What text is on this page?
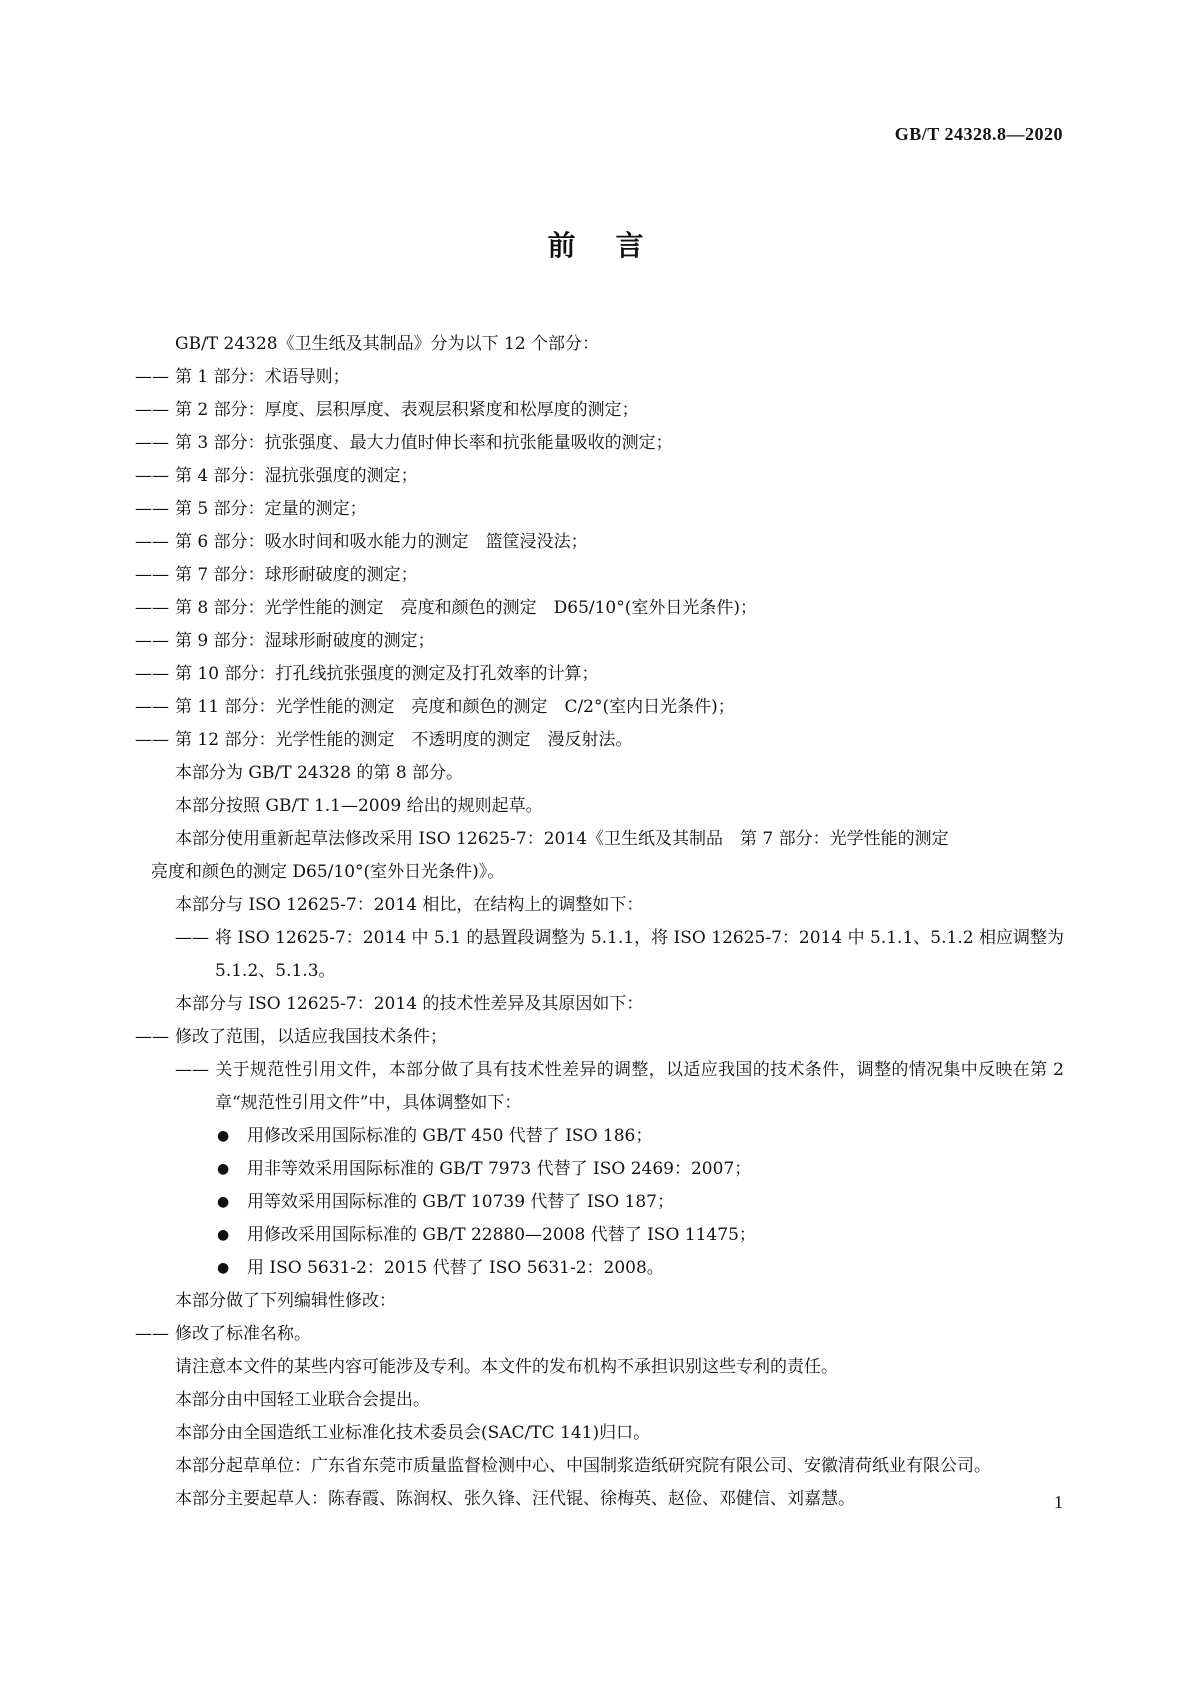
GB/T 24328.8—2020
前言
GB/T 24328《卫生纸及其制品》分为以下 12 个部分：
—— 第 1 部分：术语导则；
—— 第 2 部分：厚度、层积厚度、表观层积紧度和松厚度的测定；
—— 第 3 部分：抗张强度、最大力值时伸长率和抗张能量吸收的测定；
—— 第 4 部分：湿抗张强度的测定；
—— 第 5 部分：定量的测定；
—— 第 6 部分：吸水时间和吸水能力的测定　篮筐浸没法；
—— 第 7 部分：球形耐破度的测定；
—— 第 8 部分：光学性能的测定　亮度和颜色的测定　D65/10°(室外日光条件)；
—— 第 9 部分：湿球形耐破度的测定；
—— 第 10 部分：打孔线抗张强度的测定及打孔效率的计算；
—— 第 11 部分：光学性能的测定　亮度和颜色的测定　C/2°(室内日光条件)；
—— 第 12 部分：光学性能的测定　不透明度的测定　漫反射法。
本部分为 GB/T 24328 的第 8 部分。
本部分按照 GB/T 1.1—2009 给出的规则起草。
本部分使用重新起草法修改采用 ISO 12625-7：2014《卫生纸及其制品　第 7 部分：光学性能的测定
亮度和颜色的测定 D65/10°(室外日光条件)》。
本部分与 ISO 12625-7：2014 相比，在结构上的调整如下：
—— 将 ISO 12625-7：2014 中 5.1 的悬置段调整为 5.1.1，将 ISO 12625-7：2014 中 5.1.1、5.1.2 相应调整为 5.1.2、5.1.3。
本部分与 ISO 12625-7：2014 的技术性差异及其原因如下：
—— 修改了范围，以适应我国技术条件；
—— 关于规范性引用文件，本部分做了具有技术性差异的调整，以适应我国的技术条件，调整的情况集中反映在第 2 章“规范性引用文件”中，具体调整如下：
● 用修改采用国际标准的 GB/T 450 代替了 ISO 186；
● 用非等效采用国际标准的 GB/T 7973 代替了 ISO 2469：2007；
● 用等效采用国际标准的 GB/T 10739 代替了 ISO 187；
● 用修改采用国际标准的 GB/T 22880—2008 代替了 ISO 11475；
● 用 ISO 5631-2：2015 代替了 ISO 5631-2：2008。
本部分做了下列编辑性修改：
—— 修改了标准名称。
请注意本文件的某些内容可能涉及专利。本文件的发布机构不承担识别这些专利的责任。
本部分由中国轻工业联合会提出。
本部分由全国造纸工业标准化技术委员会(SAC/TC 141)归口。
本部分起草单位：广东省东莞市质量监督检测中心、中国制浆造纸研究院有限公司、安徽清荷纸业有限公司。
本部分主要起草人：陈春霞、陈润权、张久锋、汪代锟、徐梅英、赵俭、邓健信、刘嘉慧。	1
